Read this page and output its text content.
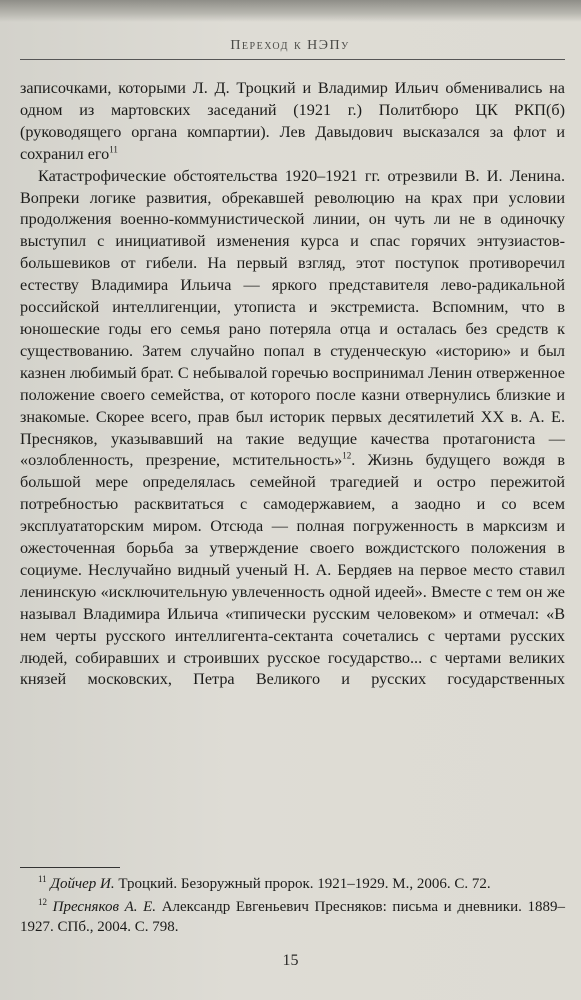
Переход к НЭПу

записочками, которыми Л. Д. Троцкий и Владимир Ильич обменивались на одном из мартовских заседаний (1921 г.) Политбюро ЦК РКП(б) (руководящего органа компартии). Лев Давыдович высказался за флот и сохранил его$^{11}$

Катастрофические обстоятельства 1920–1921 гг. отрезвили В. И. Ленина. Вопреки логике развития, обрекавшей революцию на крах при условии продолжения военно-коммунистической линии, он чуть ли не в одиночку выступил с инициативой изменения курса и спас горячих энтузиастов-большевиков от гибели. На первый взгляд, этот поступок противоречил естеству Владимира Ильича — яркого представителя лево-радикальной российской интеллигенции, утописта и экстремиста. Вспомним, что в юношеские годы его семья рано потеряла отца и осталась без средств к существованию. Затем случайно попал в студенческую «историю» и был казнен любимый брат. С небывалой горечью воспринимал Ленин отверженное положение своего семейства, от которого после казни отвернулись близкие и знакомые. Скорее всего, прав был историк первых десятилетий XX в. А. Е. Пресняков, указывавший на такие ведущие качества протагониста — «озлобленность, презрение, мстительность»$^{12}$. Жизнь будущего вождя в большой мере определялась семейной трагедией и остро пережитой потребностью расквитаться с самодержавием, а заодно и со всем эксплуататорским миром. Отсюда — полная погруженность в марксизм и ожесточенная борьба за утверждение своего вождистского положения в социуме. Неслучайно видный ученый Н. А. Бердяев на первое место ставил ленинскую «исключительную увлеченность одной идеей». Вместе с тем он же называл Владимира Ильича «типически русским человеком» и отмечал: «В нем черты русского интеллигента-сектанта сочетались с чертами русских людей, собиравших и строивших русское государство... с чертами великих князей московских, Петра Великого и русских государственных

$^{11}$ Дойчер И. Троцкий. Безоружный пророк. 1921–1929. М., 2006. С. 72.

$^{12}$ Пресняков А. Е. Александр Евгеньевич Пресняков: письма и дневники. 1889–1927. СПб., 2004. С. 798.

15
